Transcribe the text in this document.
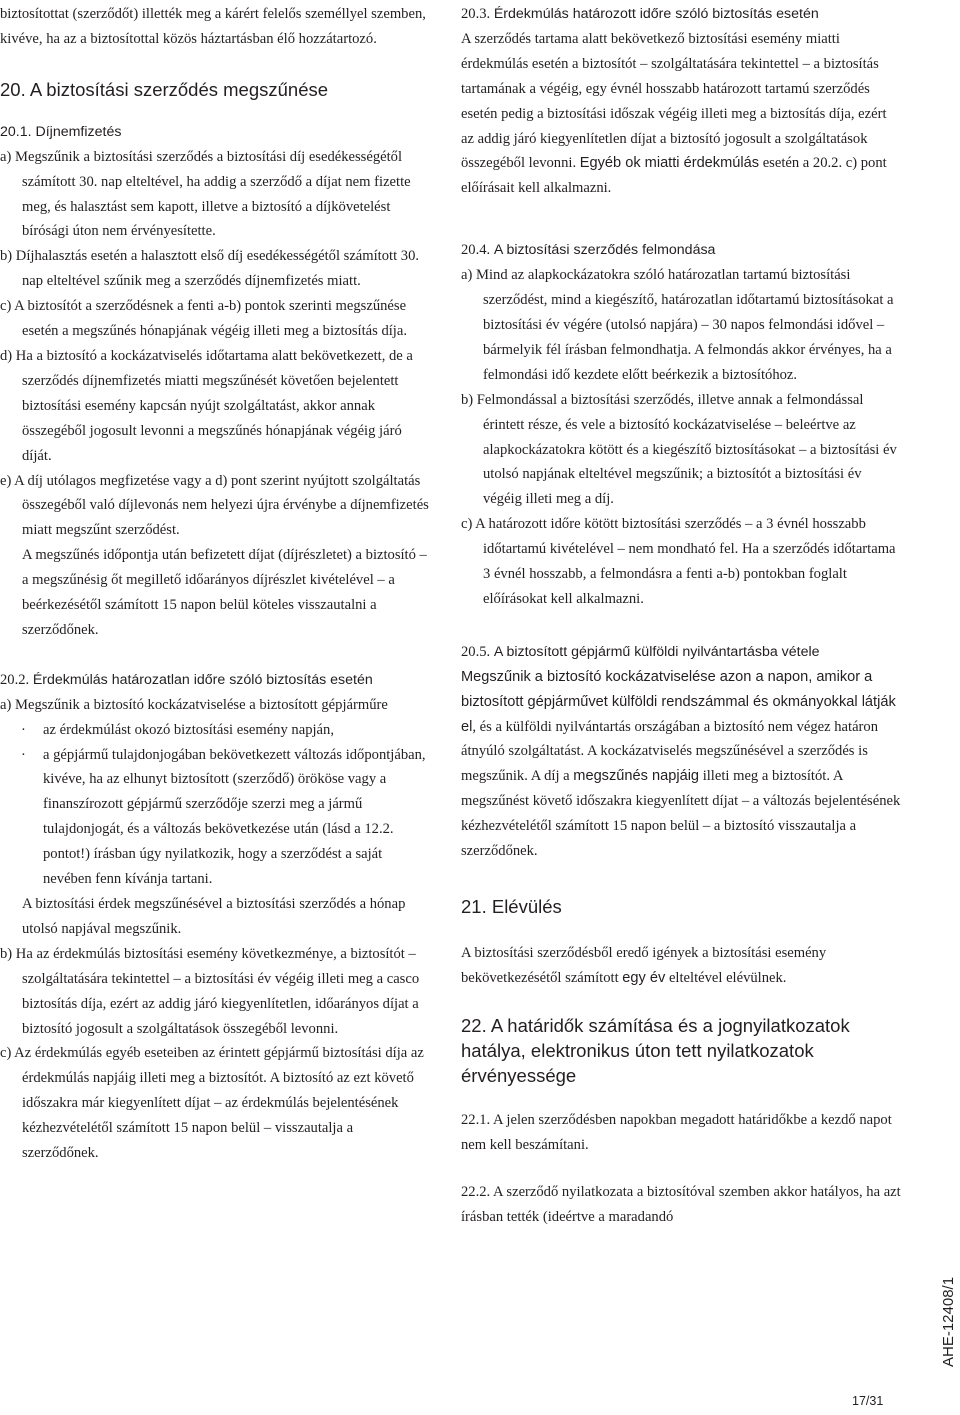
biztosítottat (szerződőt) illették meg a kárért felelős személlyel szemben, kivéve, ha az a biztosítottal közös háztartásban élő hozzátartozó.

20. A biztosítási szerződés megszűnése

20.1. Díjnemfizetés

a) Megszűnik a biztosítási szerződés a biztosítási díj esedékességétől számított 30. nap elteltével, ha addig a szerződő a díjat nem fizette meg, és halasztást sem kapott, illetve a biztosító a díjkövetelést bírósági úton nem érvényesítette.

b) Díjhalasztás esetén a halasztott első díj esedékességétől számított 30. nap elteltével szűnik meg a szerződés díjnemfizetés miatt.

c) A biztosítót a szerződésnek a fenti a-b) pontok szerinti megszűnése esetén a megszűnés hónapjának végéig illeti meg a biztosítás díja.

d) Ha a biztosító a kockázatviselés időtartama alatt bekövetkezett, de a szerződés díjnemfizetés miatti megszűnését követően bejelentett biztosítási esemény kapcsán nyújt szolgáltatást, akkor annak összegéből jogosult levonni a megszűnés hónapjának végéig járó díját.

e) A díj utólagos megfizetése vagy a d) pont szerint nyújtott szolgáltatás összegéből való díjlevonás nem helyezi újra érvénybe a díjnemfizetés miatt megszűnt szerződést.

A megszűnés időpontja után befizetett díjat (díjrészletet) a biztosító – a megszűnésig őt megillető időarányos díjrészlet kivételével – a beérkezésétől számított 15 napon belül köteles visszautalni a szerződőnek.

20.2. Érdekmúlás határozatlan időre szóló biztosítás esetén

a) Megszűnik a biztosító kockázatviselése a biztosított gépjárműre

· az érdekmúlást okozó biztosítási esemény napján,

· a gépjármű tulajdonjogában bekövetkezett változás időpontjában, kivéve, ha az elhunyt biztosított (szerződő) örököse vagy a finanszírozott gépjármű szerződője szerzi meg a jármű tulajdonjogát, és a változás bekövetkezése után (lásd a 12.2. pontot!) írásban úgy nyilatkozik, hogy a szerződést a saját nevében fenn kívánja tartani.

A biztosítási érdek megszűnésével a biztosítási szerződés a hónap utolsó napjával megszűnik.

b) Ha az érdekmúlás biztosítási esemény következménye, a biztosítót – szolgáltatására tekintettel – a biztosítási év végéig illeti meg a casco biztosítás díja, ezért az addig járó kiegyenlítetlen, időarányos díjat a biztosító jogosult a szolgáltatások összegéből levonni.

c) Az érdekmúlás egyéb eseteiben az érintett gépjármű biztosítási díja az érdekmúlás napjáig illeti meg a biztosítót. A biztosító az ezt követő időszakra már kiegyenlített díjat – az érdekmúlás bejelentésének kézhezvételétől számított 15 napon belül – visszautalja a szerződőnek.

20.3. Érdekmúlás határozott időre szóló biztosítás esetén

A szerződés tartama alatt bekövetkező biztosítási esemény miatti érdekmúlás esetén a biztosítót – szolgáltatására tekintettel – a biztosítás tartamának a végéig, egy évnél hosszabb határozott tartamú szerződés esetén pedig a biztosítási időszak végéig illeti meg a biztosítás díja, ezért az addig járó kiegyenlítetlen díjat a biztosító jogosult a szolgáltatások összegéből levonni. Egyéb ok miatti érdekmúlás esetén a 20.2. c) pont előírásait kell alkalmazni.

20.4. A biztosítási szerződés felmondása

a) Mind az alapkockázatokra szóló határozatlan tartamú biztosítási szerződést, mind a kiegészítő, határozatlan időtartamú biztosításokat a biztosítási év végére (utolsó napjára) – 30 napos felmondási idővel – bármelyik fél írásban felmondhatja. A felmondás akkor érvényes, ha a felmondási idő kezdete előtt beérkezik a biztosítóhoz.

b) Felmondással a biztosítási szerződés, illetve annak a felmondással érintett része, és vele a biztosító kockázatviselése – beleértve az alapkockázatokra kötött és a kiegészítő biztosításokat – a biztosítási év utolsó napjának elteltével megszűnik; a biztosítót a biztosítási év végéig illeti meg a díj.

c) A határozott időre kötött biztosítási szerződés – a 3 évnél hosszabb időtartamú kivételével – nem mondható fel. Ha a szerződés időtartama 3 évnél hosszabb, a felmondásra a fenti a-b) pontokban foglalt előírásokat kell alkalmazni.

20.5. A biztosított gépjármű külföldi nyilvántartásba vétele

Megszűnik a biztosító kockázatviselése azon a napon, amikor a biztosított gépjárművet külföldi rendszámmal és okmányokkal látják el, és a külföldi nyilvántartás országában a biztosító nem végez határon átnyúló szolgáltatást. A kockázatviselés megszűnésével a szerződés is megszűnik. A díj a megszűnés napjáig illeti meg a biztosítót. A megszűnést követő időszakra kiegyenlített díjat – a változás bejelentésének kézhezvételétől számított 15 napon belül – a biztosító visszautalja a szerződőnek.

21. Elévülés

A biztosítási szerződésből eredő igények a biztosítási esemény bekövetkezésétől számított egy év elteltével elévülnek.

22. A határidők számítása és a jognyilatkozatok hatálya, elektronikus úton tett nyilatkozatok érvényessége

22.1. A jelen szerződésben napokban megadott határidőkbe a kezdő napot nem kell beszámítani.

22.2. A szerződő nyilatkozata a biztosítóval szemben akkor hatályos, ha azt írásban tették (ideértve a maradandó

AHE-12408/1
17/31
